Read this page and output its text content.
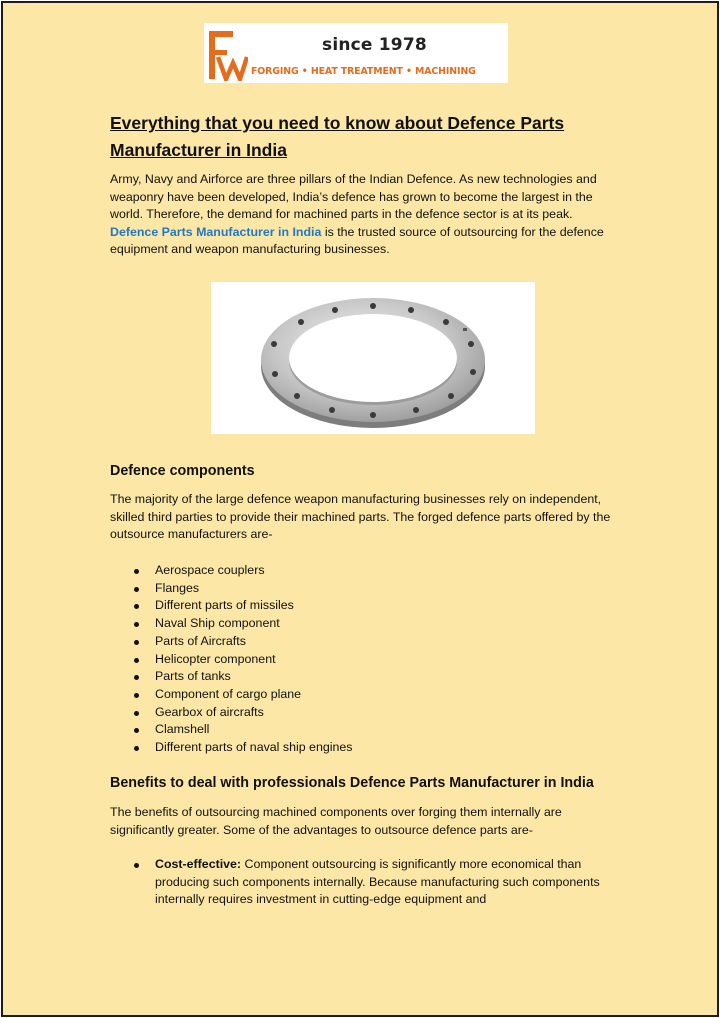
since 1978
FORGING • HEAT TREATMENT • MACHINING
Everything that you need to know about Defence Parts Manufacturer in India

Army, Navy and Airforce are three pillars of the Indian Defence. As new technologies and weaponry have been developed, India’s defence has grown to become the largest in the world. Therefore, the demand for machined parts in the defence sector is at its peak. Defence Parts Manufacturer in India is the trusted source of outsourcing for the defence equipment and weapon manufacturing businesses.

Defence components

The majority of the large defence weapon manufacturing businesses rely on independent, skilled third parties to provide their machined parts. The forged defence parts offered by the outsource manufacturers are-

Aerospace couplers
Flanges
Different parts of missiles
Naval Ship component
Parts of Aircrafts
Helicopter component
Parts of tanks
Component of cargo plane
Gearbox of aircrafts
Clamshell
Different parts of naval ship engines
Benefits to deal with professionals Defence Parts Manufacturer in India

The benefits of outsourcing machined components over forging them internally are significantly greater. Some of the advantages to outsource defence parts are-

Cost-effective: Component outsourcing is significantly more economical than producing such components internally. Because manufacturing such components internally requires investment in cutting-edge equipment and
